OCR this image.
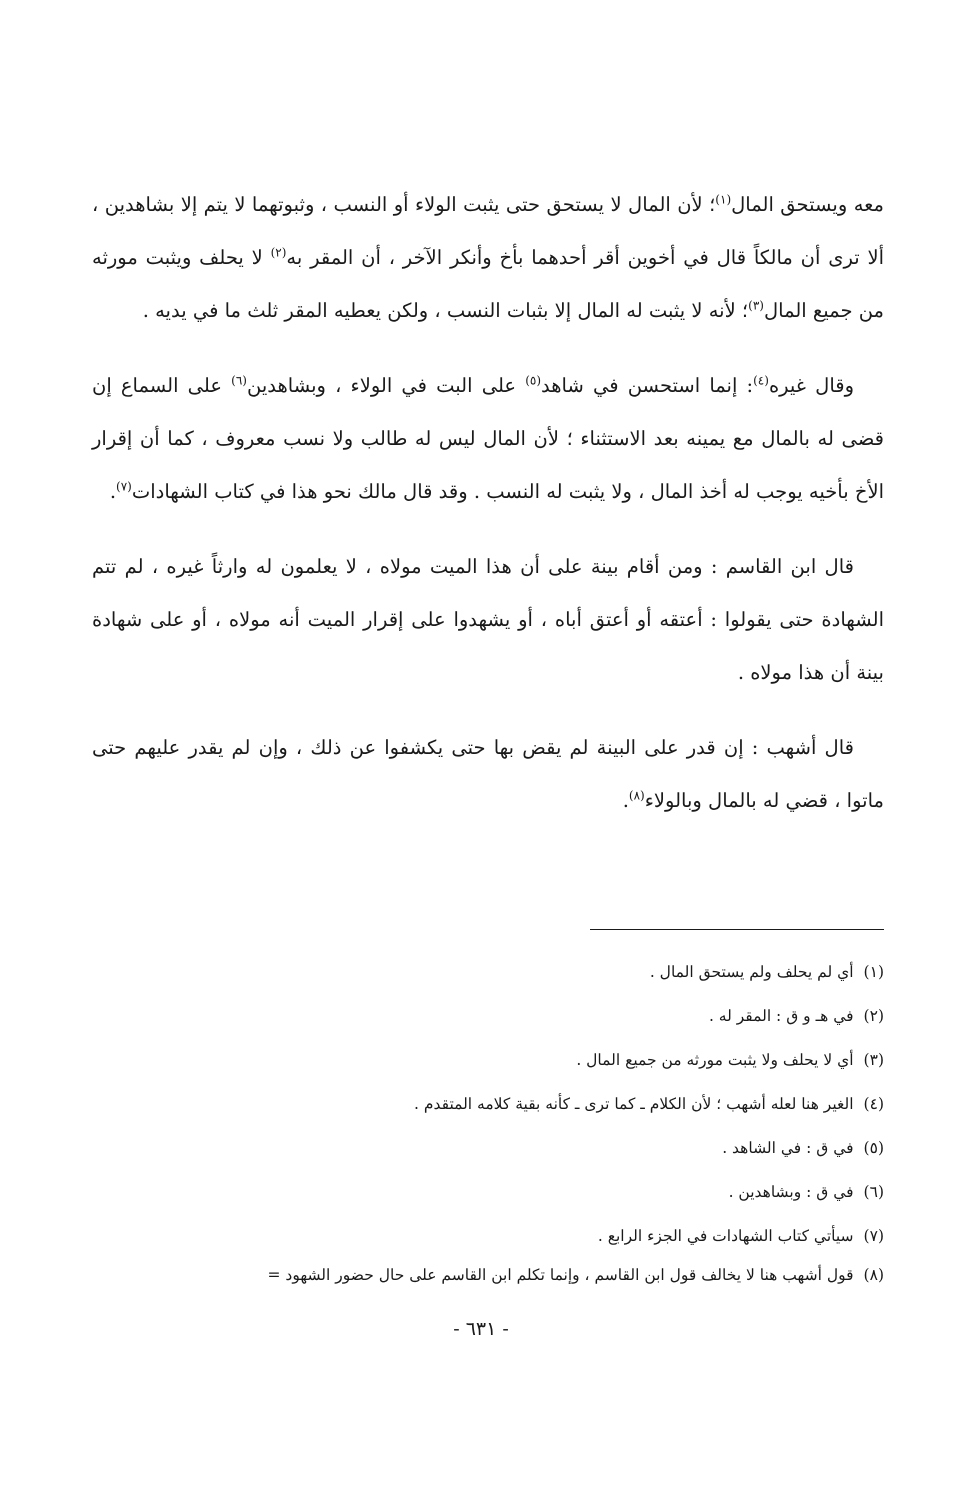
معه ويستحق المال$^{(١)}$؛ لأن المال لا يستحق حتى يثبت الولاء أو النسب ، وثبوتهما لا يتم إلا بشاهدين ، ألا ترى أن مالكاً قال في أخوين أقر أحدهما بأخ وأنكر الآخر ، أن المقر به$^{(٢)}$ لا يحلف ويثبت مورثه من جميع المال$^{(٣)}$؛ لأنه لا يثبت له المال إلا بثبات النسب ، ولكن يعطيه المقر ثلث ما في يديه .

وقال غيره$^{(٤)}$: إنما استحسن في شاهد$^{(٥)}$ على البت في الولاء ، وبشاهدين$^{(٦)}$ على السماع إن قضى له بالمال مع يمينه بعد الاستثناء ؛ لأن المال ليس له طالب ولا نسب معروف ، كما أن إقرار الأخ بأخيه يوجب له أخذ المال ، ولا يثبت له النسب . وقد قال مالك نحو هذا في كتاب الشهادات$^{(٧)}$.

قال ابن القاسم : ومن أقام بينة على أن هذا الميت مولاه ، لا يعلمون له وارثاً غيره ، لم تتم الشهادة حتى يقولوا : أعتقه أو أعتق أباه ، أو يشهدوا على إقرار الميت أنه مولاه ، أو على شهادة بينة أن هذا مولاه .

قال أشهب : إن قدر على البينة لم يقض بها حتى يكشفوا عن ذلك ، وإن لم يقدر عليهم حتى ماتوا ، قضي له بالمال وبالولاء$^{(٨)}$.

(١)أي لم يحلف ولم يستحق المال .
(٢)في هـ و ق : المقر له .
(٣)أي لا يحلف ولا يثبت مورثه من جميع المال .
(٤)الغير هنا لعله أشهب ؛ لأن الكلام ـ كما ترى ـ كأنه بقية كلامه المتقدم .
(٥)في ق : في الشاهد .
(٦)في ق : وبشاهدين .
(٧)سيأتي كتاب الشهادات في الجزء الرابع .
(٨)قول أشهب هنا لا يخالف قول ابن القاسم ، وإنما تكلم ابن القاسم على حال حضور الشهود =
- ٦٣١ -
